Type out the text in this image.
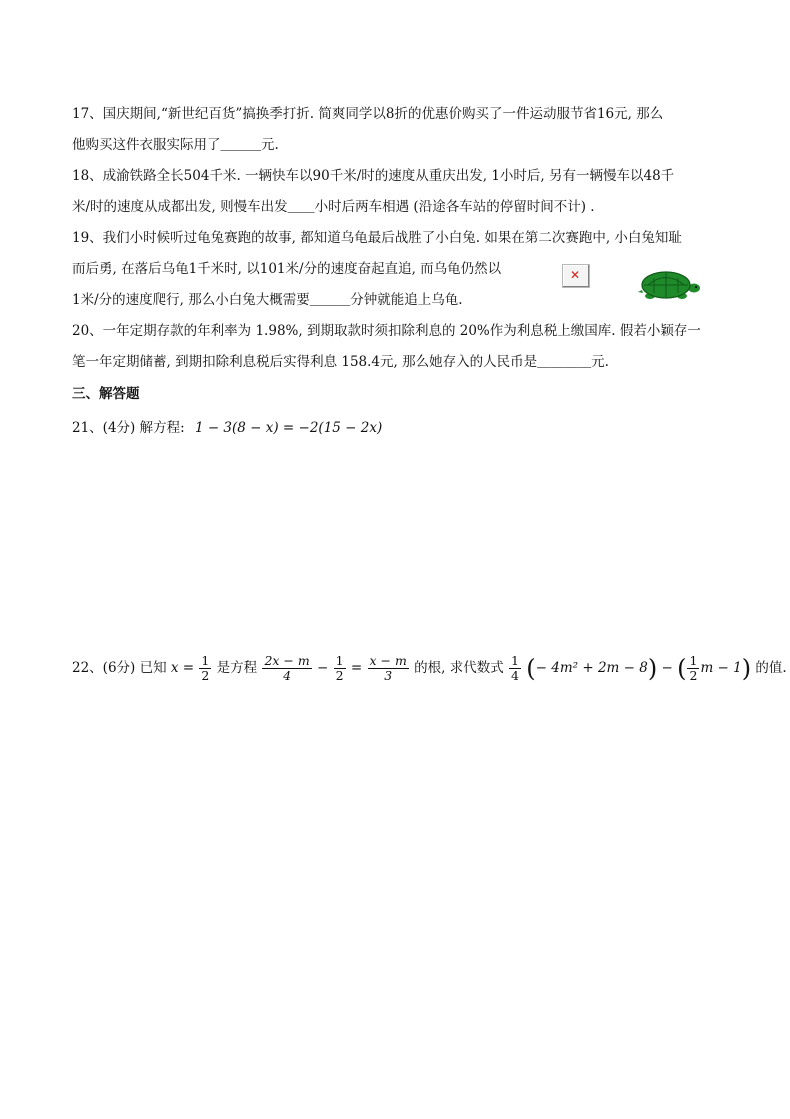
17、国庆期间,“新世纪百货”搞换季打折. 简爽同学以8折的优惠价购买了一件运动服节省16元, 那么
他购买这件衣服实际用了＿＿＿元.
18、成渝铁路全长504千米. 一辆快车以90千米/时的速度从重庆出发, 1小时后, 另有一辆慢车以48千
米/时的速度从成都出发, 则慢车出发＿＿小时后两车相遇 (沿途各车站的停留时间不计) .
19、我们小时候听过龟兔赛跑的故事, 都知道乌龟最后战胜了小白兔. 如果在第二次赛跑中, 小白兔知耻
而后勇, 在落后乌龟1千米时, 以101米/分的速度奋起直追, 而乌龟仍然以
1米/分的速度爬行, 那么小白兔大概需要＿＿＿分钟就能追上乌龟.
✕
20、一年定期存款的年利率为 1.98%, 到期取款时须扣除利息的 20%作为利息税上缴国库. 假若小颖存一
笔一年定期储蓄, 到期扣除利息税后实得利息 158.4元, 那么她存入的人民币是＿＿＿＿元.
三、解答题
21、(4分) 解方程: 1 − 3(8 − x) = −2(15 − 2x)
22、(6分) 已知 $x = \frac{1}{2}$ 是方程 $\frac{2x - m}{4} - \frac{1}{2} = \frac{x - m}{3}$ 的根, 求代数式 $\frac{1}{4}$ (− 4m² + 2m − 8) − ( $\frac{1}{2}$ m − 1) 的值.
